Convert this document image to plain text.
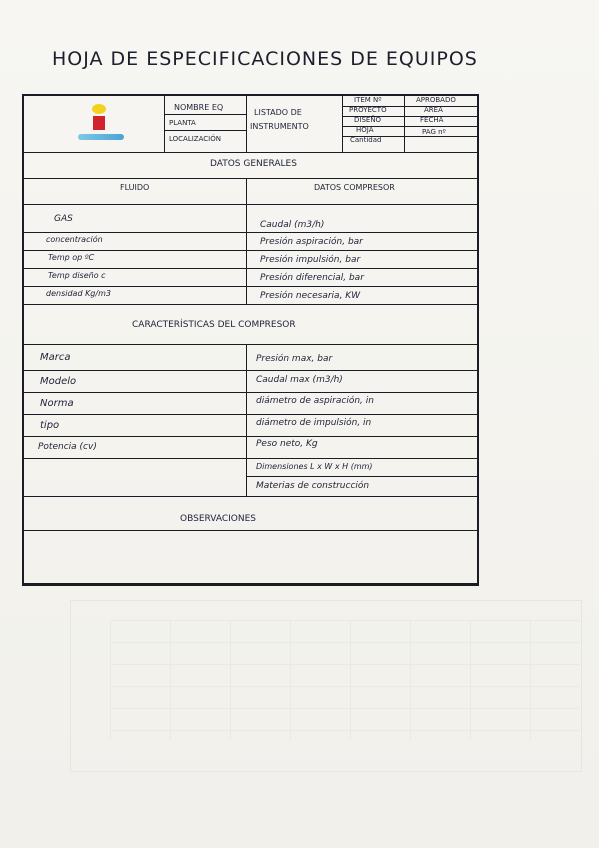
HOJA DE ESPECIFICACIONES DE EQUIPOS
NOMBRE EQ
PLANTA
LOCALIZACIÓN
LISTADO DE
INSTRUMENTO
ITEM Nº
PROYECTO
DISEÑO
HOJA
Cantidad
APROBADO
AREA
FECHA
PAG nº
DATOS GENERALES
FLUIDO	DATOS COMPRESOR
GAS
concentración
Temp op ºC
Temp diseño c
densidad Kg/m3
Caudal (m3/h)
Presión aspiración, bar
Presión impulsión, bar
Presión diferencial, bar
Presión necesaria, KW
CARACTERÍSTICAS DEL COMPRESOR
Marca
Modelo
Norma
tipo
Potencia (cv)
Presión max, bar
Caudal max (m3/h)
diámetro de aspiración, in
diámetro de impulsión, in
Peso neto, Kg
Dimensiones L x W x H (mm)
Materias de construcción
OBSERVACIONES
